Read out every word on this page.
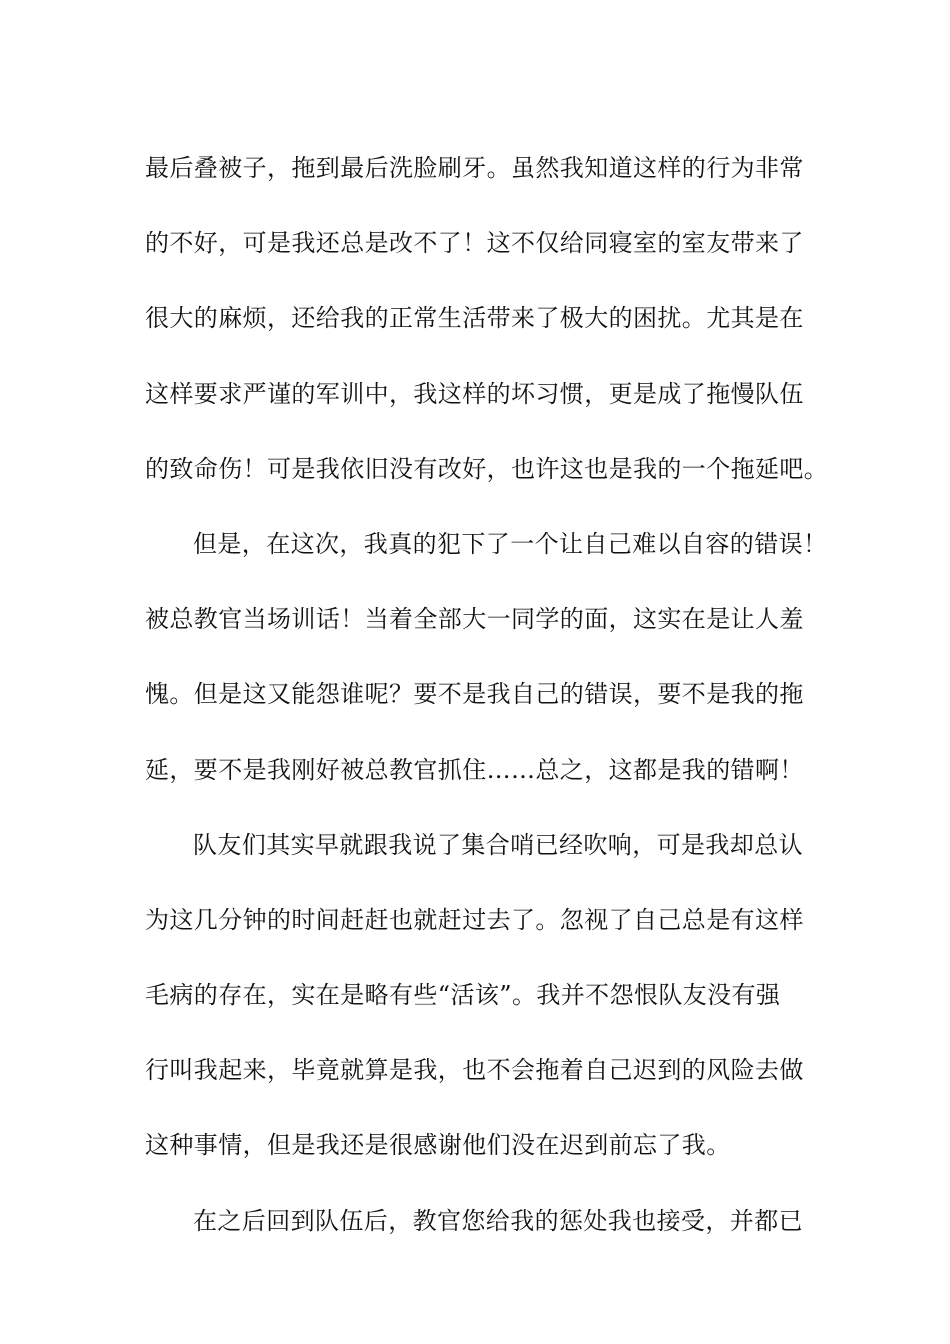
最后叠被子，拖到最后洗脸刷牙。虽然我知道这样的行为非常
的不好，可是我还总是改不了！这不仅给同寝室的室友带来了
很大的麻烦，还给我的正常生活带来了极大的困扰。尤其是在
这样要求严谨的军训中，我这样的坏习惯，更是成了拖慢队伍
的致命伤！可是我依旧没有改好，也许这也是我的一个拖延吧。
但是，在这次，我真的犯下了一个让自己难以自容的错误！
被总教官当场训话！当着全部大一同学的面，这实在是让人羞
愧。但是这又能怨谁呢？要不是我自己的错误，要不是我的拖
延，要不是我刚好被总教官抓住……总之，这都是我的错啊！
队友们其实早就跟我说了集合哨已经吹响，可是我却总认
为这几分钟的时间赶赶也就赶过去了。忽视了自己总是有这样
毛病的存在，实在是略有些“活该”。我并不怨恨队友没有强
行叫我起来，毕竟就算是我，也不会拖着自己迟到的风险去做
这种事情，但是我还是很感谢他们没在迟到前忘了我。
在之后回到队伍后，教官您给我的惩处我也接受，并都已
